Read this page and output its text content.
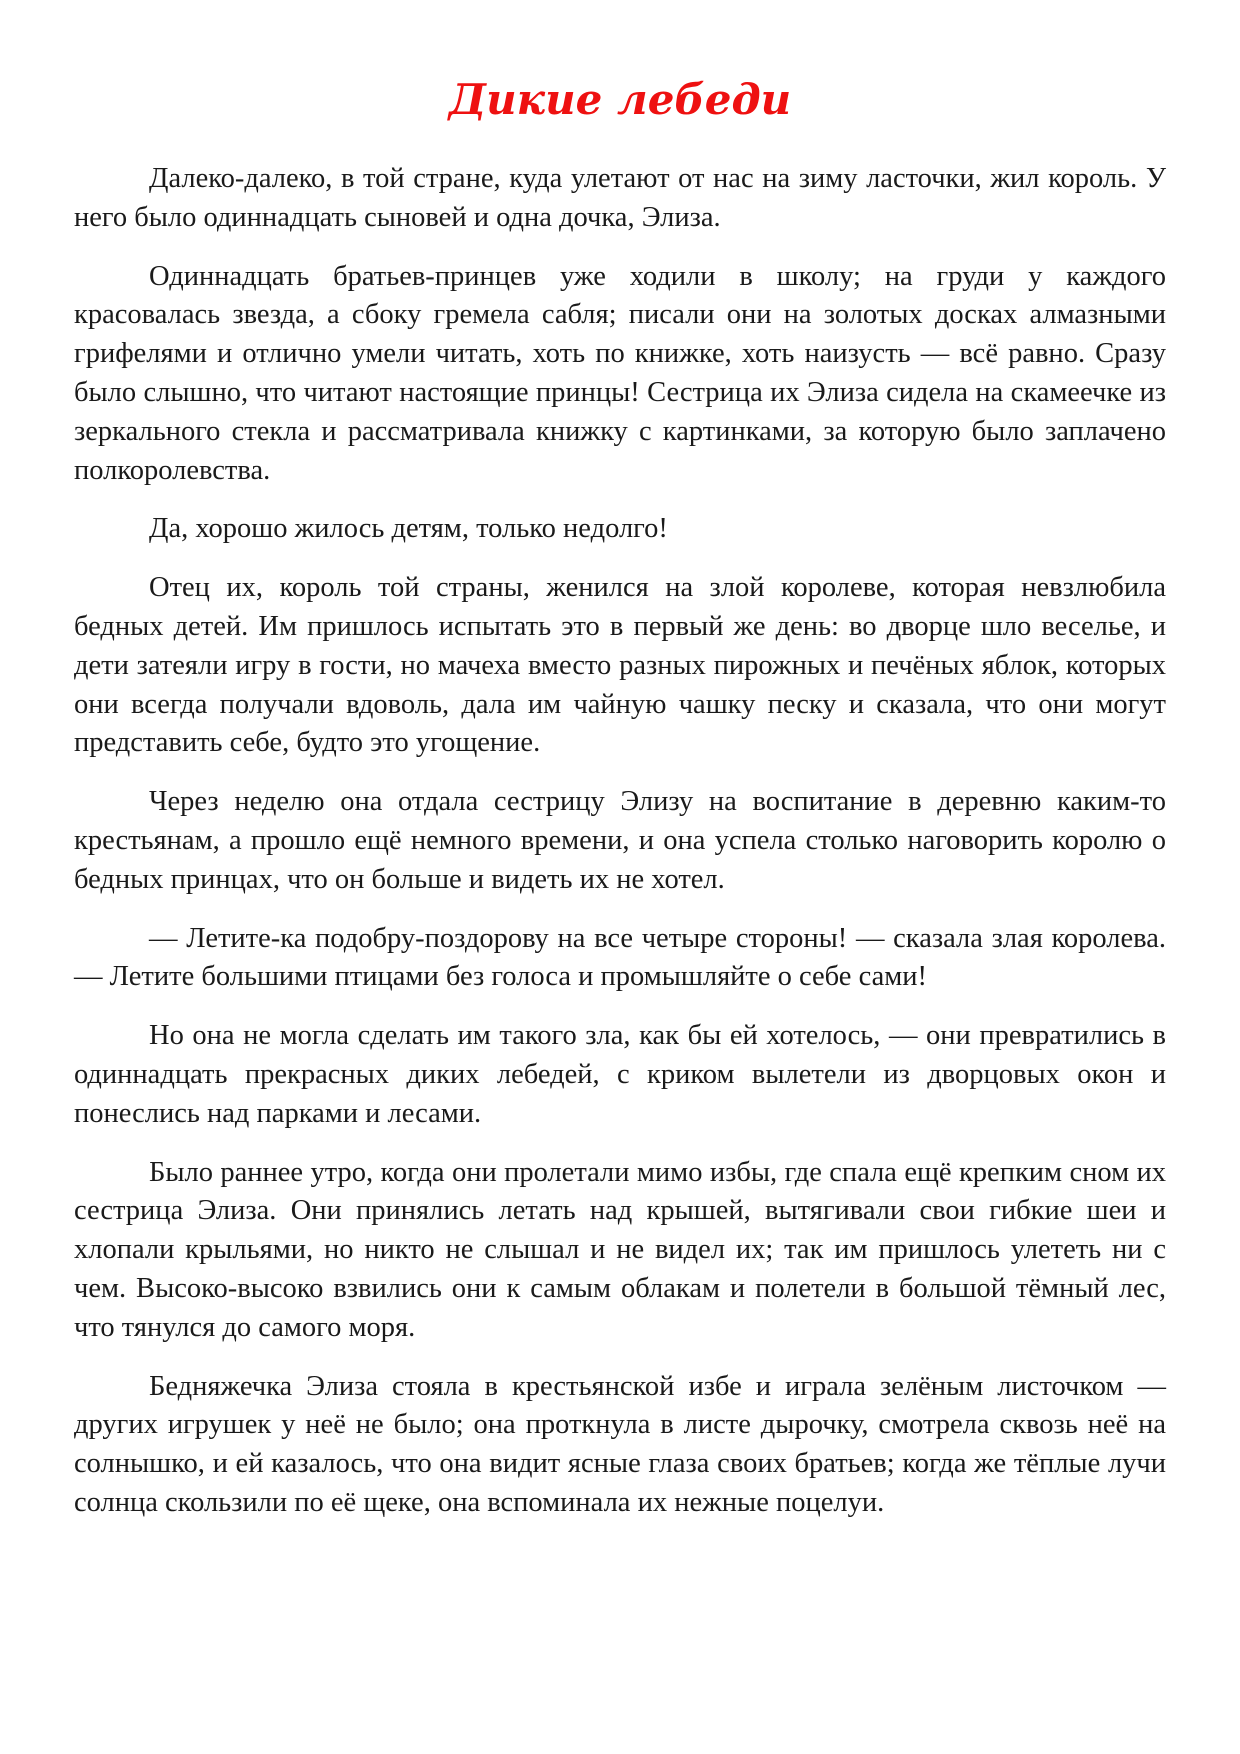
Дикие лебеди

Далеко-далеко, в той стране, куда улетают от нас на зиму ласточки, жил король. У него было одиннадцать сыновей и одна дочка, Элиза.

Одиннадцать братьев-принцев уже ходили в школу; на груди у каждого красовалась звезда, а сбоку гремела сабля; писали они на золотых досках алмазными грифелями и отлично умели читать, хоть по книжке, хоть наизусть — всё равно. Сразу было слышно, что читают настоящие принцы! Сестрица их Элиза сидела на скамеечке из зеркального стекла и рассматривала книжку с картинками, за которую было заплачено полкоролевства.

Да, хорошо жилось детям, только недолго!

Отец их, король той страны, женился на злой королеве, которая невзлюбила бедных детей. Им пришлось испытать это в первый же день: во дворце шло веселье, и дети затеяли игру в гости, но мачеха вместо разных пирожных и печёных яблок, которых они всегда получали вдоволь, дала им чайную чашку песку и сказала, что они могут представить себе, будто это угощение.

Через неделю она отдала сестрицу Элизу на воспитание в деревню каким-то крестьянам, а прошло ещё немного времени, и она успела столько наговорить королю о бедных принцах, что он больше и видеть их не хотел.

— Летите-ка подобру-поздорову на все четыре стороны! — сказала злая королева. — Летите большими птицами без голоса и промышляйте о себе сами!

Но она не могла сделать им такого зла, как бы ей хотелось, — они превратились в одиннадцать прекрасных диких лебедей, с криком вылетели из дворцовых окон и понеслись над парками и лесами.

Было раннее утро, когда они пролетали мимо избы, где спала ещё крепким сном их сестрица Элиза. Они принялись летать над крышей, вытягивали свои гибкие шеи и хлопали крыльями, но никто не слышал и не видел их; так им пришлось улететь ни с чем. Высоко-высоко взвились они к самым облакам и полетели в большой тёмный лес, что тянулся до самого моря.

Бедняжечка Элиза стояла в крестьянской избе и играла зелёным листочком — других игрушек у неё не было; она проткнула в листе дырочку, смотрела сквозь неё на солнышко, и ей казалось, что она видит ясные глаза своих братьев; когда же тёплые лучи солнца скользили по её щеке, она вспоминала их нежные поцелуи.
